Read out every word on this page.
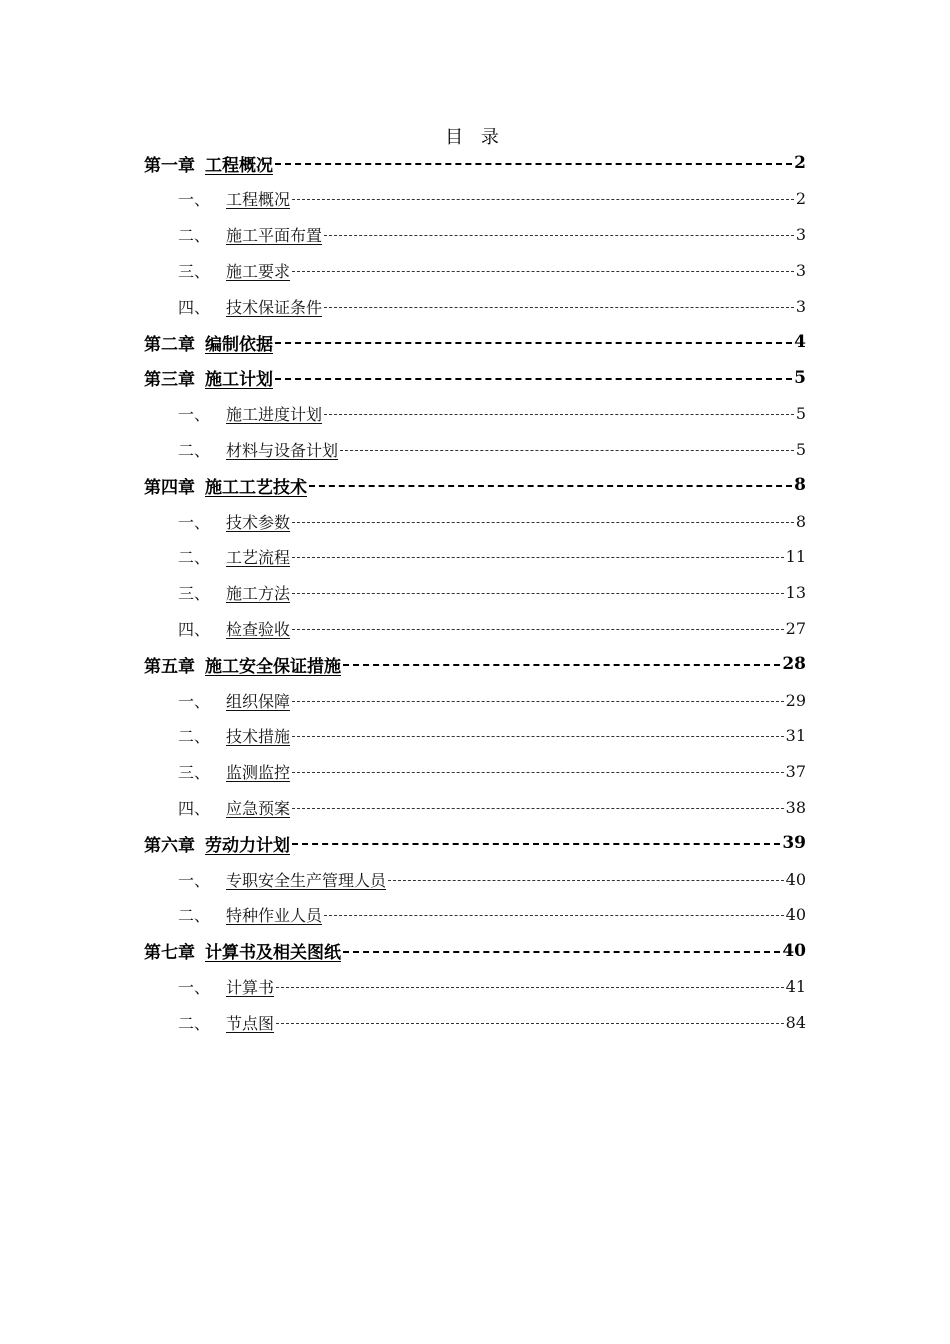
目 录
第一章 工程概况	2
一、 工程概况	2
二、 施工平面布置	3
三、 施工要求	3
四、 技术保证条件	3
第二章 编制依据	4
第三章 施工计划	5
一、 施工进度计划	5
二、 材料与设备计划	5
第四章 施工工艺技术	8
一、 技术参数	8
二、 工艺流程	11
三、 施工方法	13
四、 检查验收	27
第五章 施工安全保证措施	28
一、 组织保障	29
二、 技术措施	31
三、 监测监控	37
四、 应急预案	38
第六章 劳动力计划	39
一、 专职安全生产管理人员	40
二、 特种作业人员	40
第七章 计算书及相关图纸	40
一、 计算书	41
二、 节点图	84
